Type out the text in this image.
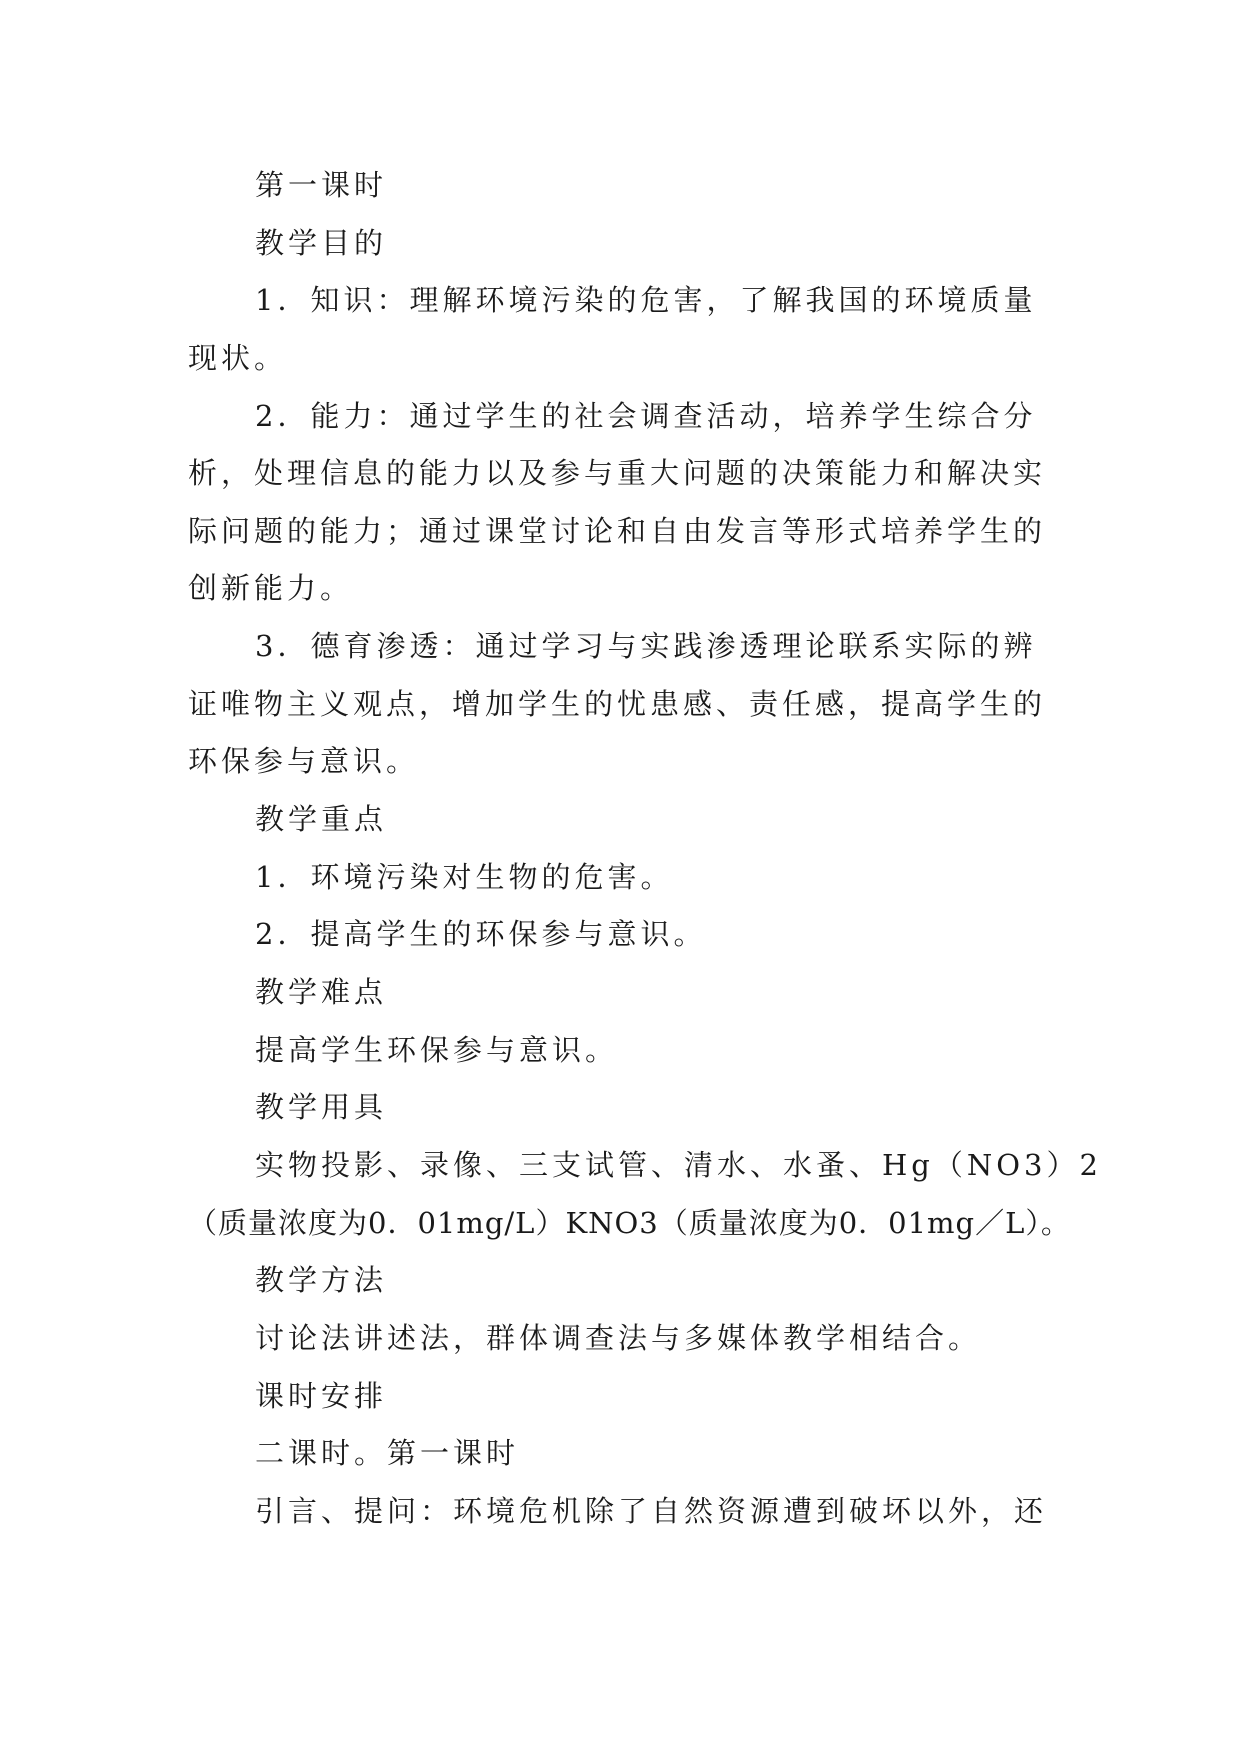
第一课时
教学目的
1．知识：理解环境污染的危害，了解我国的环境质量
现状。
2．能力：通过学生的社会调查活动，培养学生综合分
析，处理信息的能力以及参与重大问题的决策能力和解决实
际问题的能力；通过课堂讨论和自由发言等形式培养学生的
创新能力。
3．德育渗透：通过学习与实践渗透理论联系实际的辨
证唯物主义观点，增加学生的忧患感、责任感，提高学生的
环保参与意识。
教学重点
1．环境污染对生物的危害。
2．提高学生的环保参与意识。
教学难点
提高学生环保参与意识。
教学用具
实物投影、录像、三支试管、清水、水蚤、Hg（NO3）2
（质量浓度为0．01mg/L）KNO3（质量浓度为0．01mg／L）。
教学方法
讨论法讲述法，群体调查法与多媒体教学相结合。
课时安排
二课时。第一课时
引言、提问：环境危机除了自然资源遭到破坏以外，还
